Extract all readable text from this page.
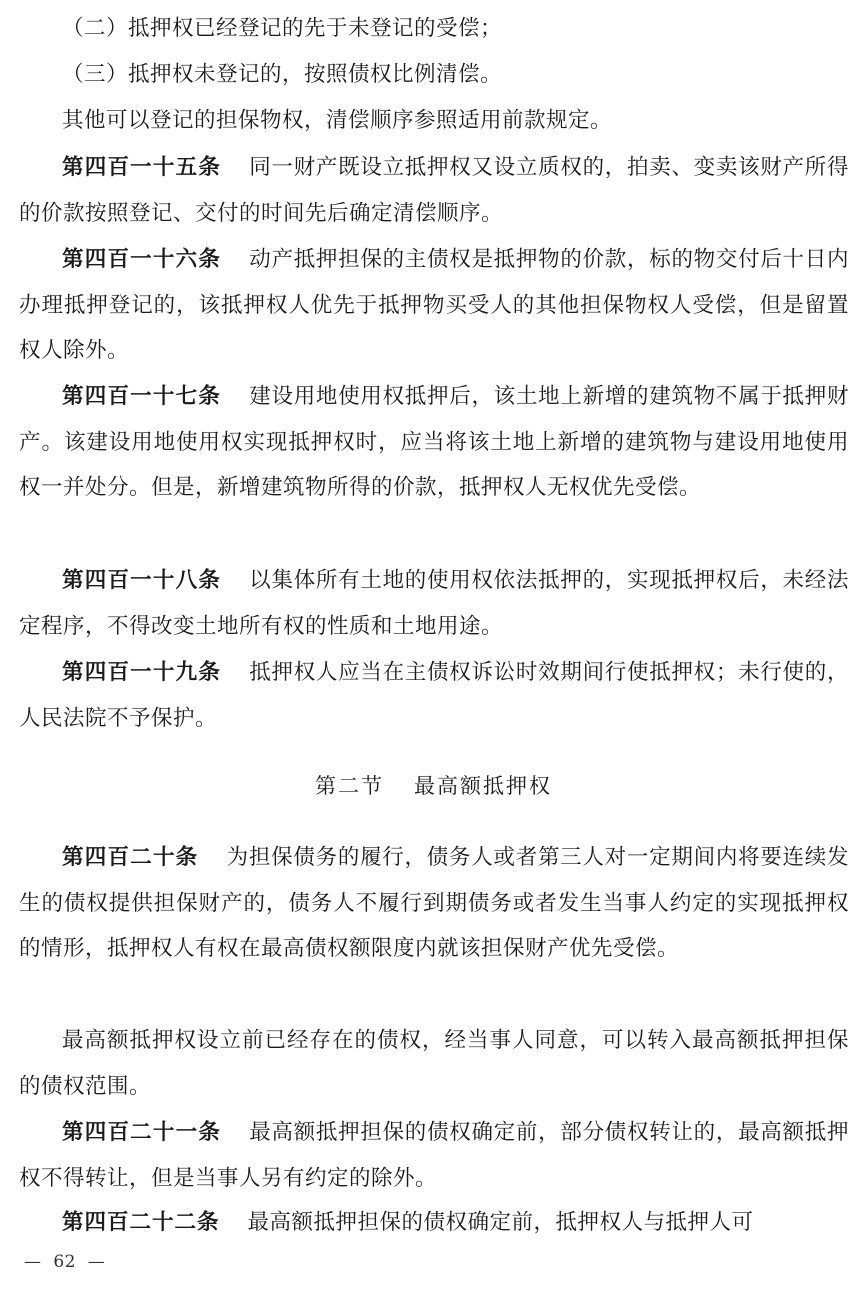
（二）抵押权已经登记的先于未登记的受偿；

（三）抵押权未登记的，按照债权比例清偿。

其他可以登记的担保物权，清偿顺序参照适用前款规定。

第四百一十五条 同一财产既设立抵押权又设立质权的，拍卖、变卖该财产所得的价款按照登记、交付的时间先后确定清偿顺序。

第四百一十六条 动产抵押担保的主债权是抵押物的价款，标的物交付后十日内办理抵押登记的，该抵押权人优先于抵押物买受人的其他担保物权人受偿，但是留置权人除外。

第四百一十七条 建设用地使用权抵押后，该土地上新增的建筑物不属于抵押财产。该建设用地使用权实现抵押权时，应当将该土地上新增的建筑物与建设用地使用权一并处分。但是，新增建筑物所得的价款，抵押权人无权优先受偿。

第四百一十八条 以集体所有土地的使用权依法抵押的，实现抵押权后，未经法定程序，不得改变土地所有权的性质和土地用途。

第四百一十九条 抵押权人应当在主债权诉讼时效期间行使抵押权；未行使的，人民法院不予保护。

第二节 最高额抵押权

第四百二十条 为担保债务的履行，债务人或者第三人对一定期间内将要连续发生的债权提供担保财产的，债务人不履行到期债务或者发生当事人约定的实现抵押权的情形，抵押权人有权在最高债权额限度内就该担保财产优先受偿。

最高额抵押权设立前已经存在的债权，经当事人同意，可以转入最高额抵押担保的债权范围。

第四百二十一条 最高额抵押担保的债权确定前，部分债权转让的，最高额抵押权不得转让，但是当事人另有约定的除外。

第四百二十二条 最高额抵押担保的债权确定前，抵押权人与抵押人可

— 62 —
